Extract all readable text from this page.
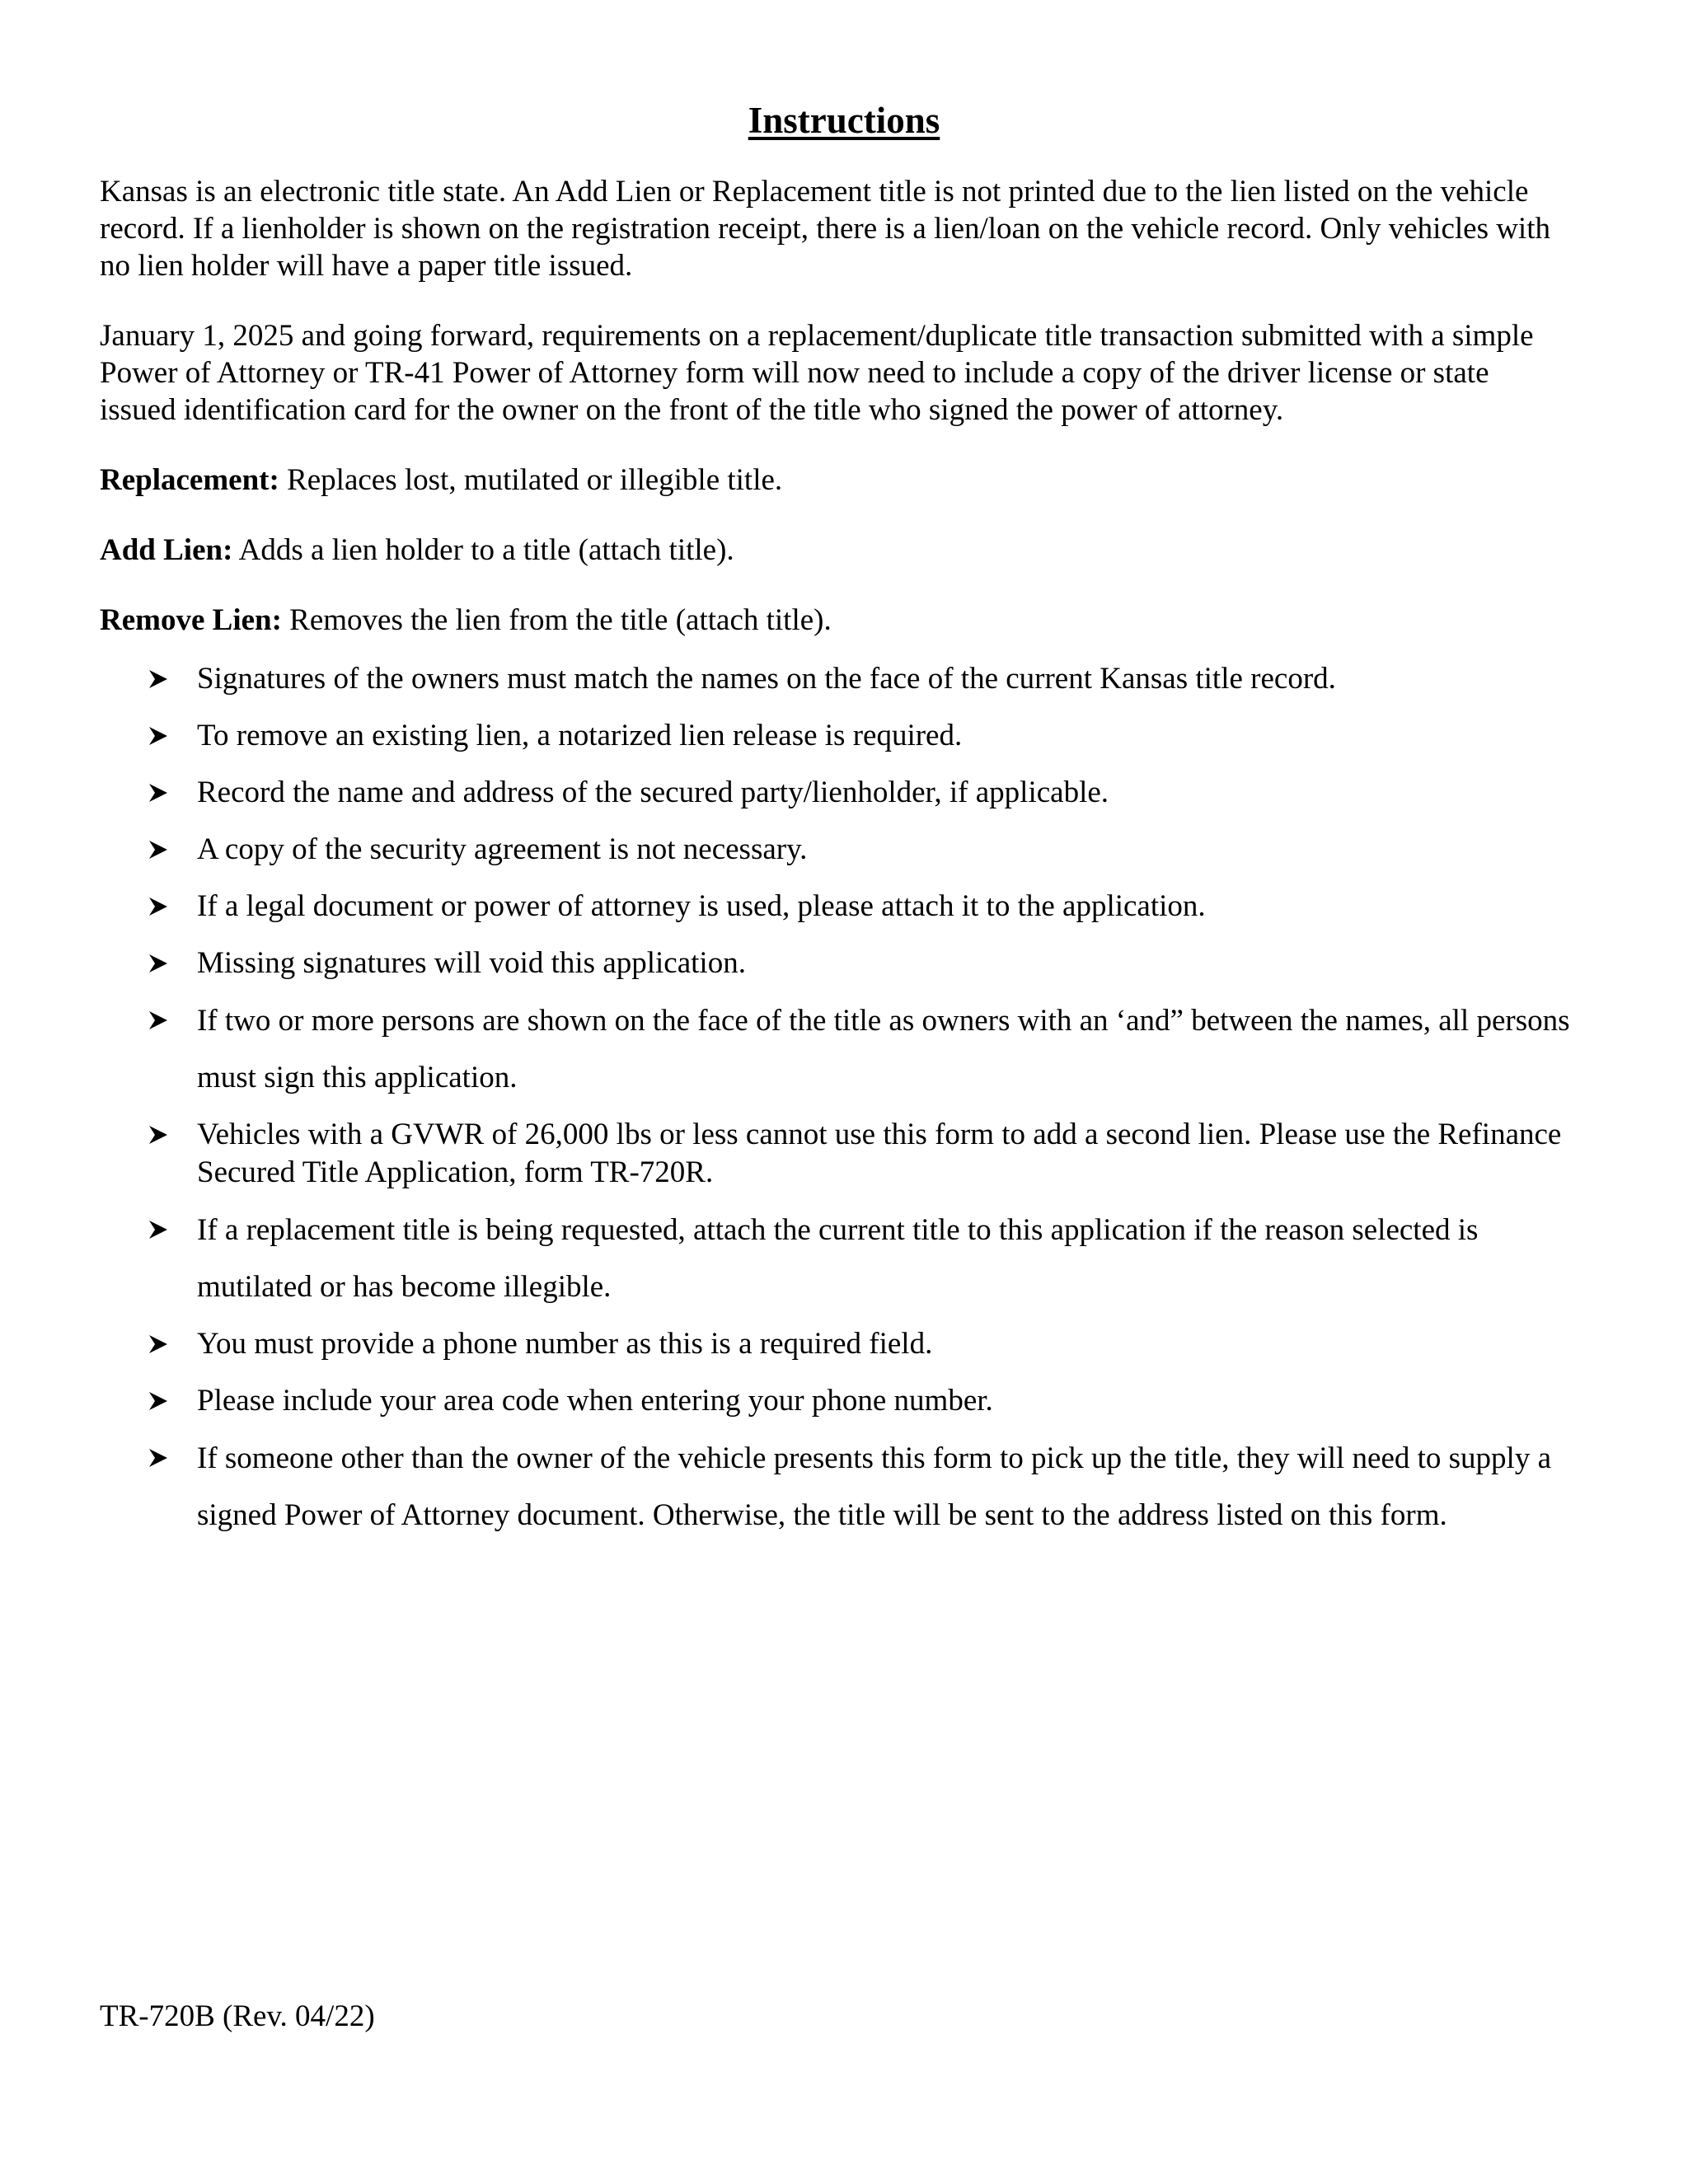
Instructions

Kansas is an electronic title state. An Add Lien or Replacement title is not printed due to the lien listed on the vehicle record. If a lienholder is shown on the registration receipt, there is a lien/loan on the vehicle record. Only vehicles with no lien holder will have a paper title issued.

January 1, 2025 and going forward, requirements on a replacement/duplicate title transaction submitted with a simple Power of Attorney or TR-41 Power of Attorney form will now need to include a copy of the driver license or state issued identification card for the owner on the front of the title who signed the power of attorney.

Replacement: Replaces lost, mutilated or illegible title.

Add Lien: Adds a lien holder to a title (attach title).

Remove Lien: Removes the lien from the title (attach title).

Signatures of the owners must match the names on the face of the current Kansas title record.
To remove an existing lien, a notarized lien release is required.
Record the name and address of the secured party/lienholder, if applicable.
A copy of the security agreement is not necessary.
If a legal document or power of attorney is used, please attach it to the application.
Missing signatures will void this application.
If two or more persons are shown on the face of the title as owners with an ‘and” between the names, all persons must sign this application.
Vehicles with a GVWR of 26,000 lbs or less cannot use this form to add a second lien. Please use the Refinance Secured Title Application, form TR-720R.
If a replacement title is being requested, attach the current title to this application if the reason selected is mutilated or has become illegible.
You must provide a phone number as this is a required field.
Please include your area code when entering your phone number.
If someone other than the owner of the vehicle presents this form to pick up the title, they will need to supply a signed Power of Attorney document. Otherwise, the title will be sent to the address listed on this form.
TR-720B (Rev. 04/22)
